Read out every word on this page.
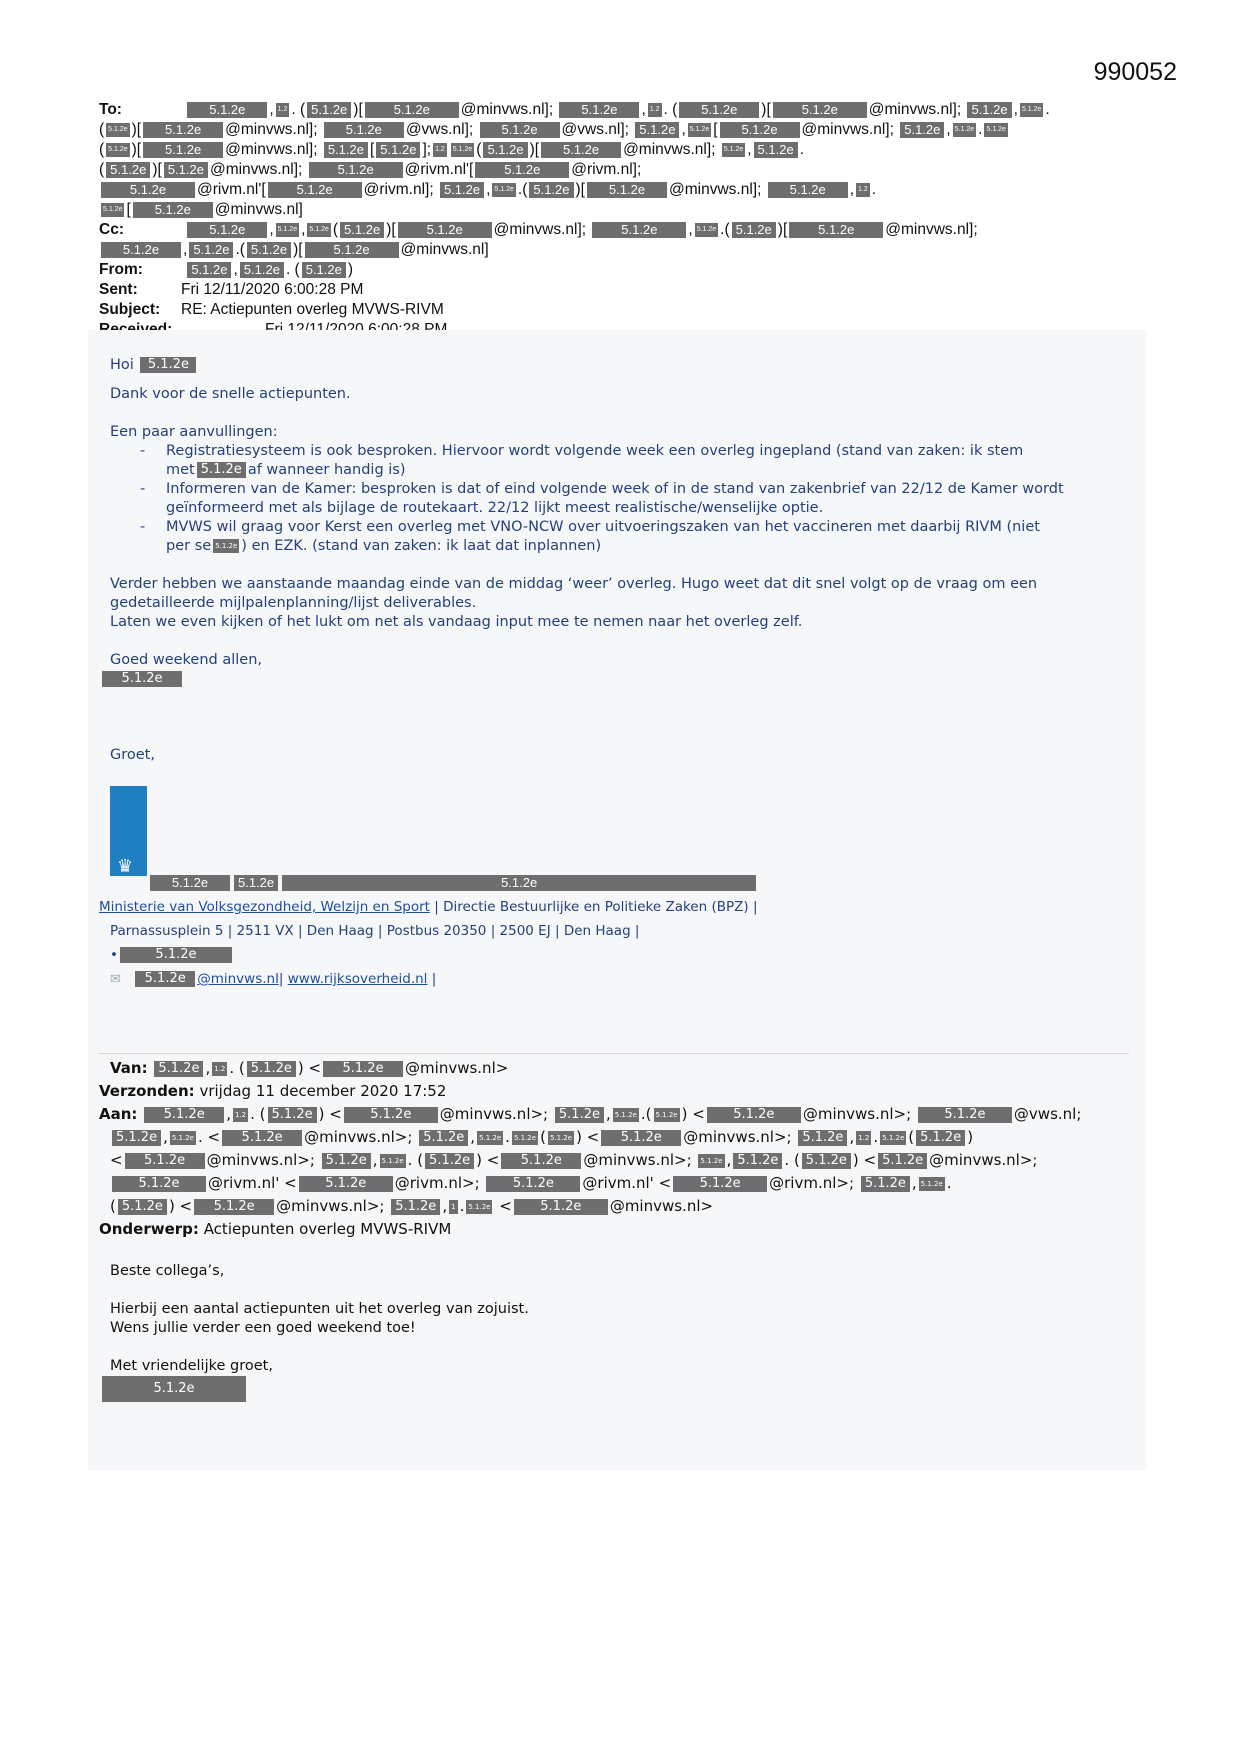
990052
To:	5.1.2e , 1.2 . ( 5.1.2e )[ 5.1.2e @minvws.nl]; 5.1.2e , 1.2 . ( 5.1.2e )[ 5.1.2e @minvws.nl]; 5.1.2e , 5.1.2e .
( 5.1.2e )[ 5.1.2e @minvws.nl]; 5.1.2e @vws.nl]; 5.1.2e @vws.nl]; 5.1.2e , 5.1.2e [ 5.1.2e @minvws.nl]; 5.1.2e , 5.1.2e . 5.1.2e
( 5.1.2e )[ 5.1.2e @minvws.nl]; 5.1.2e [ 5.1.2e ]; 1.2 5.1.2e ( 5.1.2e )[ 5.1.2e @minvws.nl]; 5.1.2e , 5.1.2e .
( 5.1.2e )[ 5.1.2e @minvws.nl];	5.1.2e @rivm.nl'[ 5.1.2e @rivm.nl];
5.1.2e @rivm.nl'[ 5.1.2e @rivm.nl]; 5.1.2e , 5.1.2e .( 5.1.2e )[ 5.1.2e @minvws.nl]; 5.1.2e , 1.2 .
5.1.2e [ 5.1.2e @minvws.nl]
Cc:	5.1.2e , 5.1.2e , 5.1.2e ( 5.1.2e )[ 5.1.2e @minvws.nl];	5.1.2e , 5.1.2e .( 5.1.2e )[ 5.1.2e @minvws.nl];
5.1.2e , 5.1.2e .( 5.1.2e )[ 5.1.2e @minvws.nl]
From:	5.1.2e , 5.1.2e . ( 5.1.2e )
Sent:	Fri 12/11/2020 6:00:28 PM
Subject: RE: Actiepunten overleg MVWS-RIVM

Hoi 5.1.2e

Dank voor de snelle actiepunten.

Een paar aanvullingen:

- Registratiesysteem is ook besproken. Hiervoor wordt volgende week een overleg ingepland (stand van zaken: ik stem
met 5.1.2e af wanneer handig is)
- Informeren van de Kamer: besproken is dat of eind volgende week of in de stand van zakenbrief van 22/12 de Kamer wordt geïnformeerd met als bijlage de routekaart. 22/12 lijkt meest realistische/wenselijke optie.
- MVWS wil graag voor Kerst een overleg met VNO-NCW over uitvoeringszaken van het vaccineren met daarbij RIVM (niet
per se 5.1.2e ) en EZK. (stand van zaken: ik laat dat inplannen)

Verder hebben we aanstaande maandag einde van de middag ‘weer’ overleg. Hugo weet dat dit snel volgt op de vraag om een gedetailleerde mijlpalenplanning/lijst deliverables.

Laten we even kijken of het lukt om net als vandaag input mee te nemen naar het overleg zelf.

Goed weekend allen,

5.1.2e

Groet,

♛
5.1.2e 5.1.2e	5.1.2e
Ministerie van Volksgezondheid, Welzijn en Sport | Directie Bestuurlijke en Politieke Zaken (BPZ) |
Parnassusplein 5 | 2511 VX | Den Haag | Postbus 20350 | 2500 EJ | Den Haag |
•	5.1.2e
✉ 5.1.2e @minvws.nl| www.rijksoverheid.nl |
Van: 5.1.2e , 1.2 . ( 5.1.2e ) < 5.1.2e @minvws.nl>
Verzonden: vrijdag 11 december 2020 17:52
Aan: 5.1.2e , 1.2 . ( 5.1.2e ) < 5.1.2e @minvws.nl>; 5.1.2e , 5.1.2e .( 5.1.2e ) < 5.1.2e @minvws.nl>;	5.1.2e @vws.nl;
5.1.2e , 5.1.2e . < 5.1.2e @minvws.nl>; 5.1.2e , 5.1.2e . 5.1.2e ( 5.1.2e ) < 5.1.2e @minvws.nl>; 5.1.2e , 1.2 . 5.1.2e ( 5.1.2e )
< 5.1.2e @minvws.nl>; 5.1.2e , 5.1.2e . ( 5.1.2e ) < 5.1.2e @minvws.nl>; 5.1.2e , 5.1.2e . ( 5.1.2e ) < 5.1.2e @minvws.nl>;
5.1.2e @rivm.nl' < 5.1.2e @rivm.nl>;	5.1.2e @rivm.nl' < 5.1.2e @rivm.nl>; 5.1.2e , 5.1.2e .
( 5.1.2e ) < 5.1.2e @minvws.nl>; 5.1.2e , 1 . 5.1.2e < 5.1.2e @minvws.nl>
Onderwerp: Actiepunten overleg MVWS-RIVM

Beste collega’s,

Hierbij een aantal actiepunten uit het overleg van zojuist.

Wens jullie verder een goed weekend toe!

Met vriendelijke groet,

5.1.2e
